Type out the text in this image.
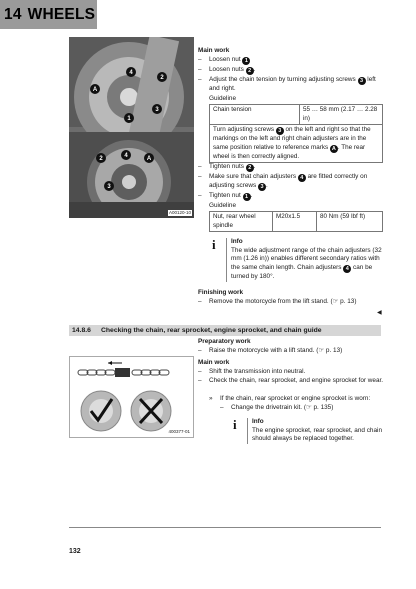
14 WHEELS
A
4
2
3
1
2	4	A
3
A00120-10
Main work
–	Loosen nut 1
–	Loosen nuts 2 .
–	Adjust the chain tension by turning adjusting screws 3 left and right.
Guideline
Chain tension	55 … 58 mm (2.17 … 2.28 in)
Turn adjusting screws 3 on the left and right so that the markings on the left and right chain adjusters are in the same position relative to reference marks A . The rear wheel is then correctly aligned.
–	Tighten nuts 2 .
–	Make sure that chain adjusters 4 are fitted correctly on adjusting screws 3 .
–	Tighten nut 1 .
Guideline
Nut, rear wheel spindle	M20x1.5	80 Nm (59 lbf ft)
i	Info
The wide adjustment range of the chain adjusters (32 mm (1.26 in)) enables different secondary ratios with the same chain length. Chain adjusters 4 can be turned by 180°.
Finishing work
–	Remove the motorcycle from the lift stand. (☞ p. 13)
◀
14.8.6 Checking the chain, rear sprocket, engine sprocket, and chain guide
400377-01
Preparatory work
–	Raise the motorcycle with a lift stand. (☞ p. 13)
Main work
–	Shift the transmission into neutral.
–	Check the chain, rear sprocket, and engine sprocket for wear.
»	If the chain, rear sprocket or engine sprocket is worn:
–	Change the drivetrain kit. (☞ p. 135)
i	Info
The engine sprocket, rear sprocket, and chain should always be replaced together.
132
